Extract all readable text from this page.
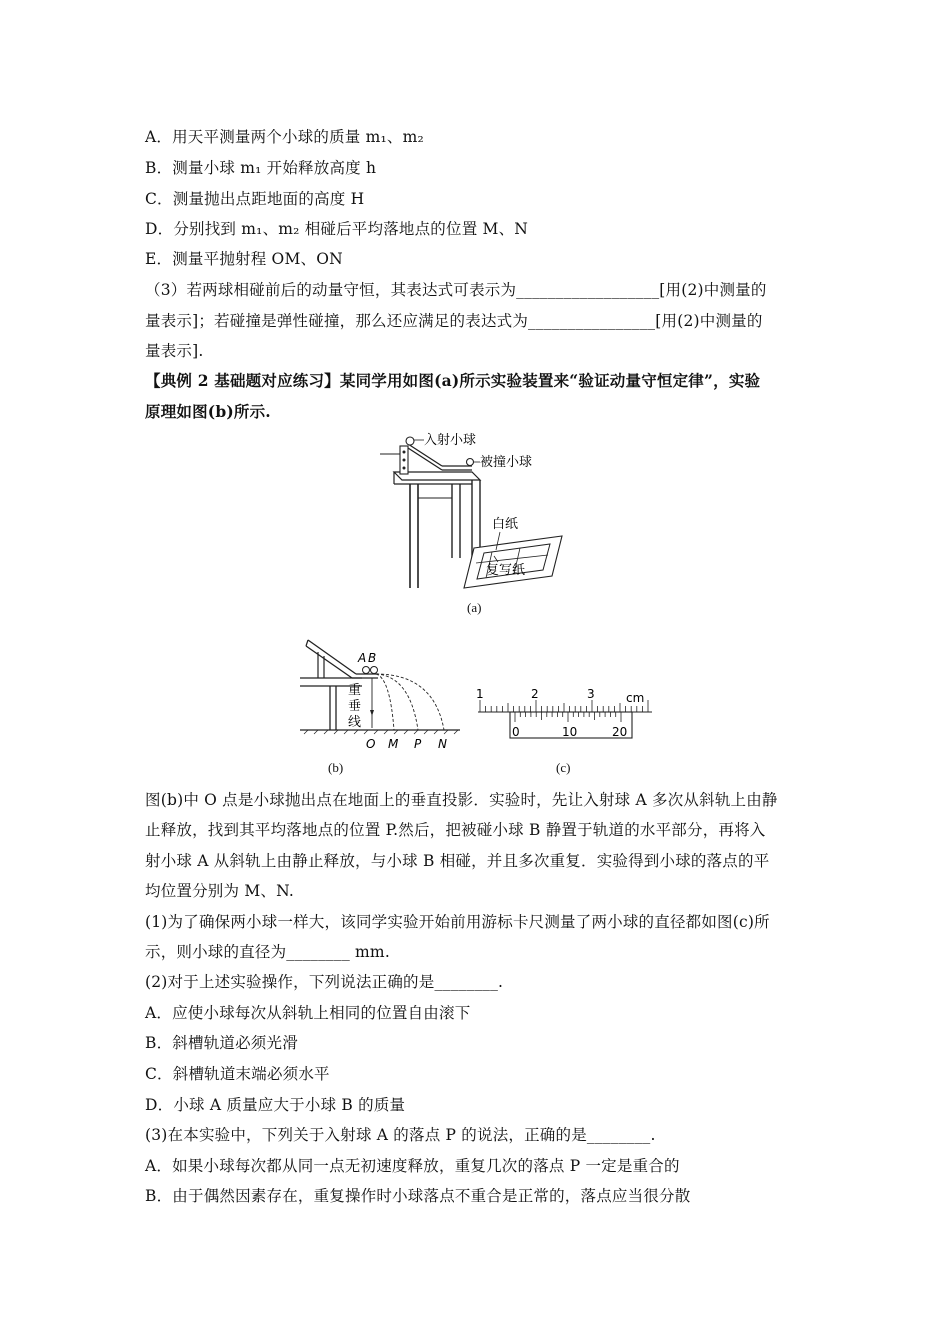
A．用天平测量两个小球的质量 m₁、m₂
B．测量小球 m₁ 开始释放高度 h
C．测量抛出点距地面的高度 H
D．分别找到 m₁、m₂ 相碰后平均落地点的位置 M、N
E．测量平抛射程 OM、ON
（3）若两球相碰前后的动量守恒，其表达式可表示为__________________[用(2)中测量的
量表示]；若碰撞是弹性碰撞，那么还应满足的表达式为________________[用(2)中测量的
量表示].
【典例 2 基础题对应练习】某同学用如图(a)所示实验装置来“验证动量守恒定律”，实验
原理如图(b)所示.
入射小球
被撞小球
白纸
复写纸
(a)
A B
重
垂
线
O M P N
(b)
1	2	3	cm
0	10	20
(c)
图(b)中 O 点是小球抛出点在地面上的垂直投影．实验时，先让入射球 A 多次从斜轨上由静
止释放，找到其平均落地点的位置 P.然后，把被碰小球 B 静置于轨道的水平部分，再将入
射小球 A 从斜轨上由静止释放，与小球 B 相碰，并且多次重复．实验得到小球的落点的平
均位置分别为 M、N.
(1)为了确保两小球一样大，该同学实验开始前用游标卡尺测量了两小球的直径都如图(c)所
示，则小球的直径为________ mm.
(2)对于上述实验操作，下列说法正确的是________.
A．应使小球每次从斜轨上相同的位置自由滚下
B．斜槽轨道必须光滑
C．斜槽轨道末端必须水平
D．小球 A 质量应大于小球 B 的质量
(3)在本实验中，下列关于入射球 A 的落点 P 的说法，正确的是________.
A．如果小球每次都从同一点无初速度释放，重复几次的落点 P 一定是重合的
B．由于偶然因素存在，重复操作时小球落点不重合是正常的，落点应当很分散
